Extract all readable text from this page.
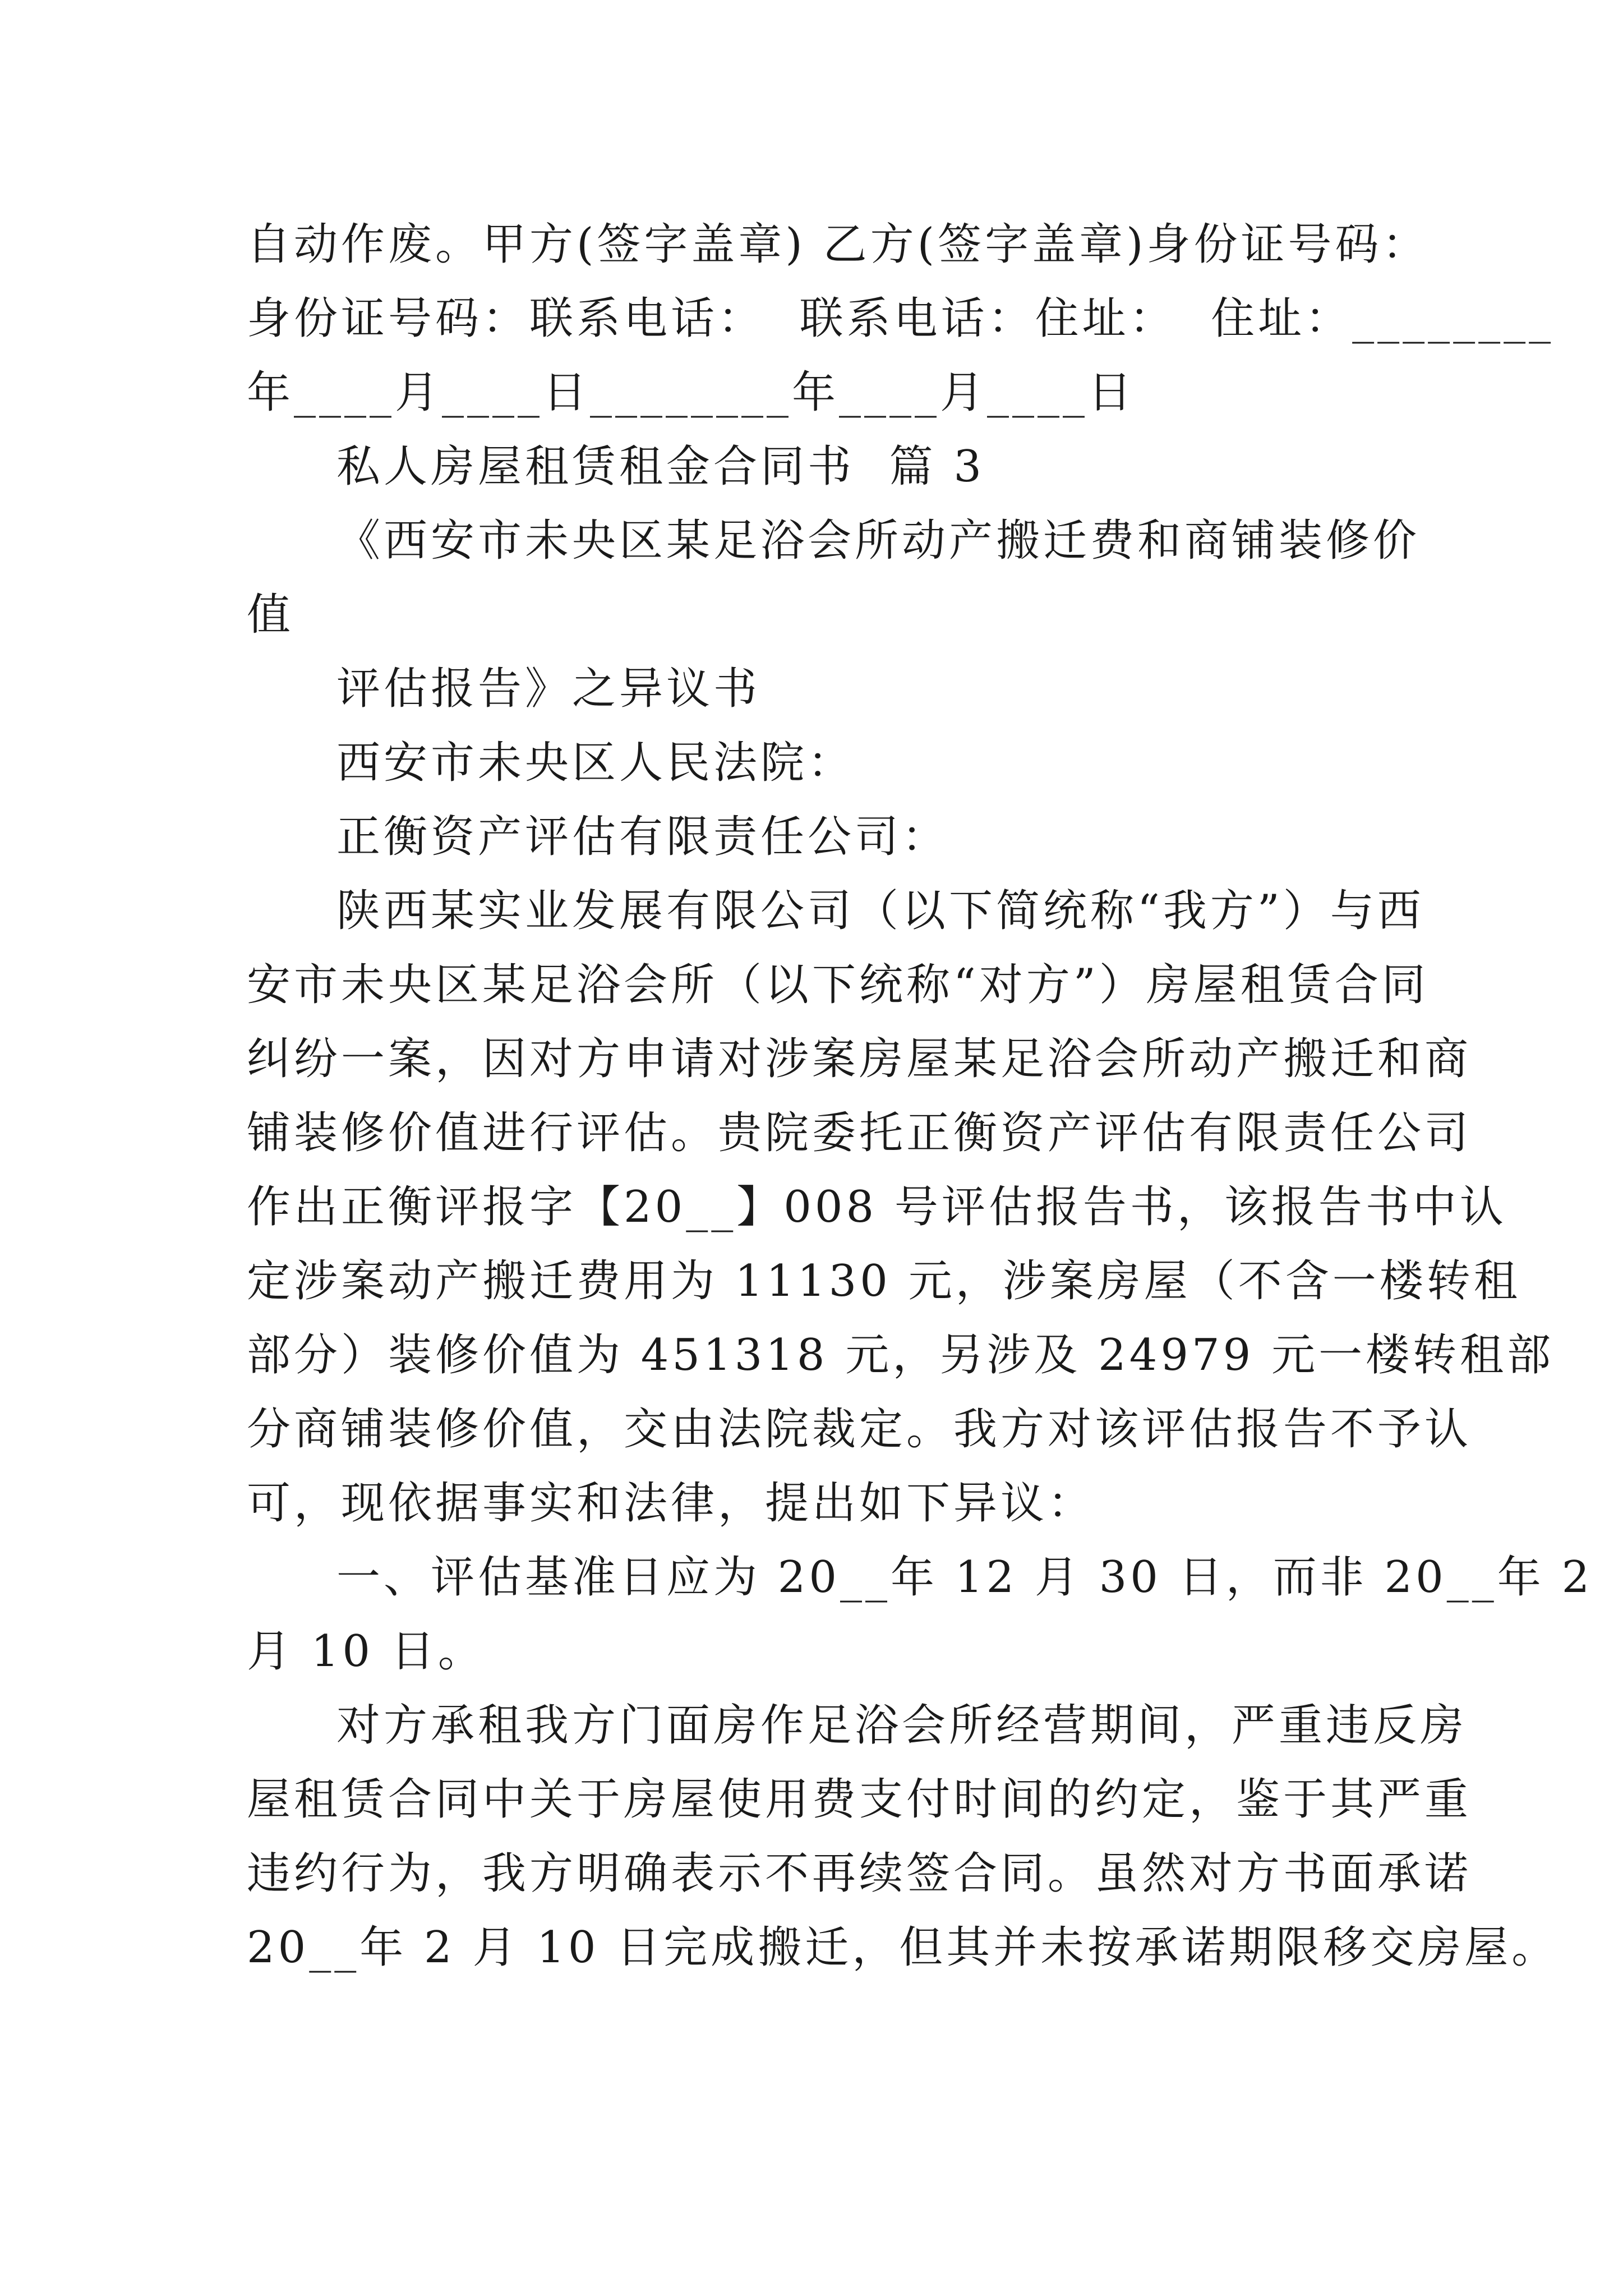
自动作废。甲方(签字盖章) 乙方(签字盖章)身份证号码：
身份证号码：联系电话：  联系电话：住址：  住址：________
年____月____日________年____月____日
私人房屋租赁租金合同书  篇 3
《西安市未央区某足浴会所动产搬迁费和商铺装修价
值
评估报告》之异议书
西安市未央区人民法院：
正衡资产评估有限责任公司：
陕西某实业发展有限公司（以下简统称“我方”）与西
安市未央区某足浴会所（以下统称“对方”）房屋租赁合同
纠纷一案，因对方申请对涉案房屋某足浴会所动产搬迁和商
铺装修价值进行评估。贵院委托正衡资产评估有限责任公司
作出正衡评报字【20__】008 号评估报告书，该报告书中认
定涉案动产搬迁费用为 11130 元，涉案房屋（不含一楼转租
部分）装修价值为 451318 元，另涉及 24979 元一楼转租部
分商铺装修价值，交由法院裁定。我方对该评估报告不予认
可，现依据事实和法律，提出如下异议：
一、评估基准日应为 20__年 12 月 30 日，而非 20__年 2
月 10 日。
对方承租我方门面房作足浴会所经营期间，严重违反房
屋租赁合同中关于房屋使用费支付时间的约定，鉴于其严重
违约行为，我方明确表示不再续签合同。虽然对方书面承诺
20__年 2 月 10 日完成搬迁，但其并未按承诺期限移交房屋。
